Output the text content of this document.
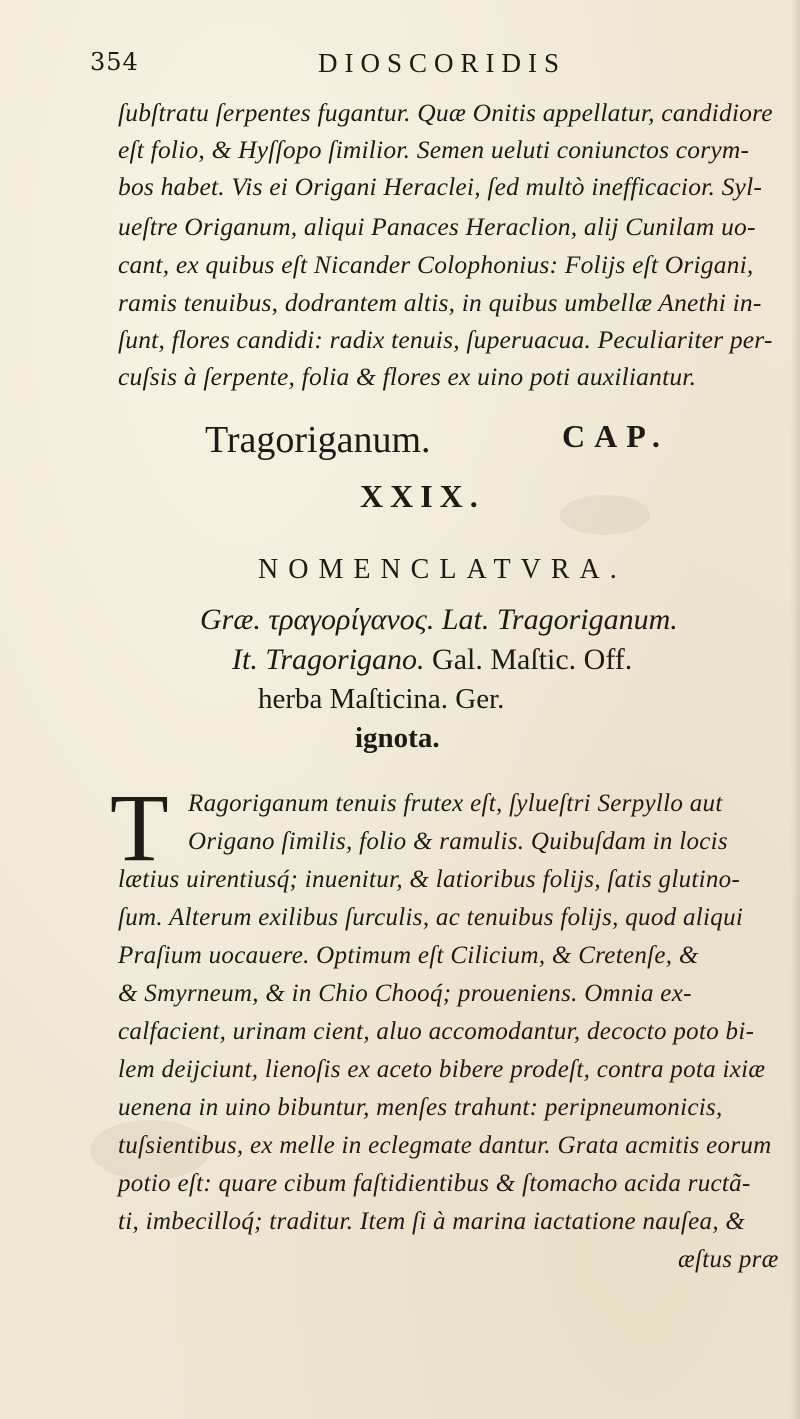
354	DIOSCORIDIS
ſubſtratu ſerpentes fugantur. Quæ Onitis appellatur, candidiore
eſt folio, & Hyſſopo ſimilior. Semen ueluti coniunctos corym-
bos habet. Vis ei Origani Heraclei, ſed multò inefficacior. Syl-
ueſtre Origanum, aliqui Panaces Heraclion, alij Cunilam uo-
cant, ex quibus eſt Nicander Colophonius: Folijs eſt Origani,
ramis tenuibus, dodrantem altis, in quibus umbellæ Anethi in-
ſunt, flores candidi: radix tenuis, ſuperuacua. Peculiariter per-
cuſsis à ſerpente, folia & flores ex uino poti auxiliantur.
Tragoriganum.	CAP.
XXIX.
NOMENCLATVRA.
Græ. τραγορίγανος. Lat. Tragoriganum.
It. Tragorigano. Gal. Maſtic. Off.
herba Maſticina. Ger.
ignota.
T Ragoriganum tenuis frutex eſt, ſylueſtri Serpyllo aut
Origano ſimilis, folio & ramulis. Quibuſdam in locis
lætius uirentiusq́; inuenitur, & latioribus folijs, ſatis glutino-
ſum. Alterum exilibus ſurculis, ac tenuibus folijs, quod aliqui
Praſium uocauere. Optimum eſt Cilicium, & Cretenſe, &
& Smyrneum, & in Chio Chooq́; proueniens. Omnia ex-
calfacient, urinam cient, aluo accomodantur, decocto poto bi-
lem deijciunt, lienoſis ex aceto bibere prodeſt, contra pota ixiæ
uenena in uino bibuntur, menſes trahunt: peripneumonicis,
tuſsientibus, ex melle in eclegmate dantur. Grata acmitis eorum
potio eſt: quare cibum faſtidientibus & ſtomacho acida ructã-
ti, imbecilloq́; traditur. Item ſi à marina iactatione nauſea, &
æſtus præ
